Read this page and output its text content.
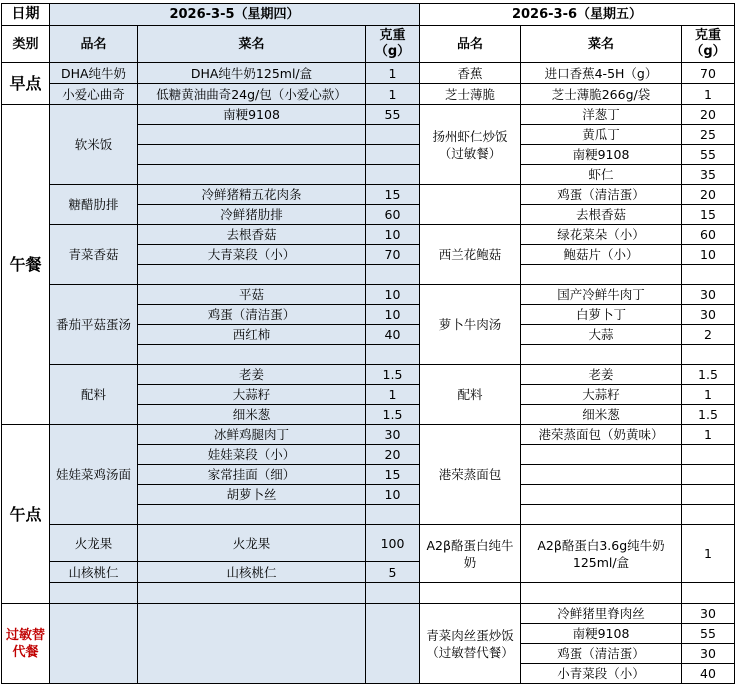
日期	2026-3-5（星期四）			2026-3-6（星期五）		
类别	品名	菜名	克重（g）	品名	菜名	克重（g）
早点	DHA纯牛奶	DHA纯牛奶125ml/盒	1	香蕉	进口香蕉4-5H（g）	70
	小爱心曲奇	低糖黄油曲奇24g/包（小爱心款）	1	芝士薄脆	芝士薄脆266g/袋	1
午餐	软米饭	南粳9108	55	扬州虾仁炒饭（过敏餐）	洋葱丁	20
					黄瓜丁	25
					南粳9108	55
					虾仁	35
	糖醋肋排	冷鲜猪精五花肉条	15		鸡蛋（清洁蛋）	20
		冷鲜猪肋排	60		去根香菇	15
	青菜香菇	去根香菇	10	西兰花鲍菇	绿花菜朵（小）	60
		大青菜段（小）	70		鲍菇片（小）	10

	番茄平菇蛋汤	平菇	10	萝卜牛肉汤	国产冷鲜牛肉丁	30
		鸡蛋（清洁蛋）	10		白萝卜丁	30
		西红柿	40		大蒜	2

	配料	老姜	1.5	配料	老姜	1.5
		大蒜籽	1		大蒜籽	1
		细米葱	1.5		细米葱	1.5
午点	娃娃菜鸡汤面	冰鲜鸡腿肉丁	30	港荣蒸面包	港荣蒸面包（奶黄味）	1
		娃娃菜段（小）	20			
		家常挂面（细）	15			
		胡萝卜丝	10			

	火龙果	火龙果	100	A2β酪蛋白纯牛奶	A2β酪蛋白3.6g纯牛奶125ml/盒	1
	山核桃仁	山核桃仁	5			

过敏替代餐				青菜肉丝蛋炒饭（过敏替代餐）	冷鲜猪里脊肉丝	30
					南粳9108	55
					鸡蛋（清洁蛋）	30
					小青菜段（小）	40
